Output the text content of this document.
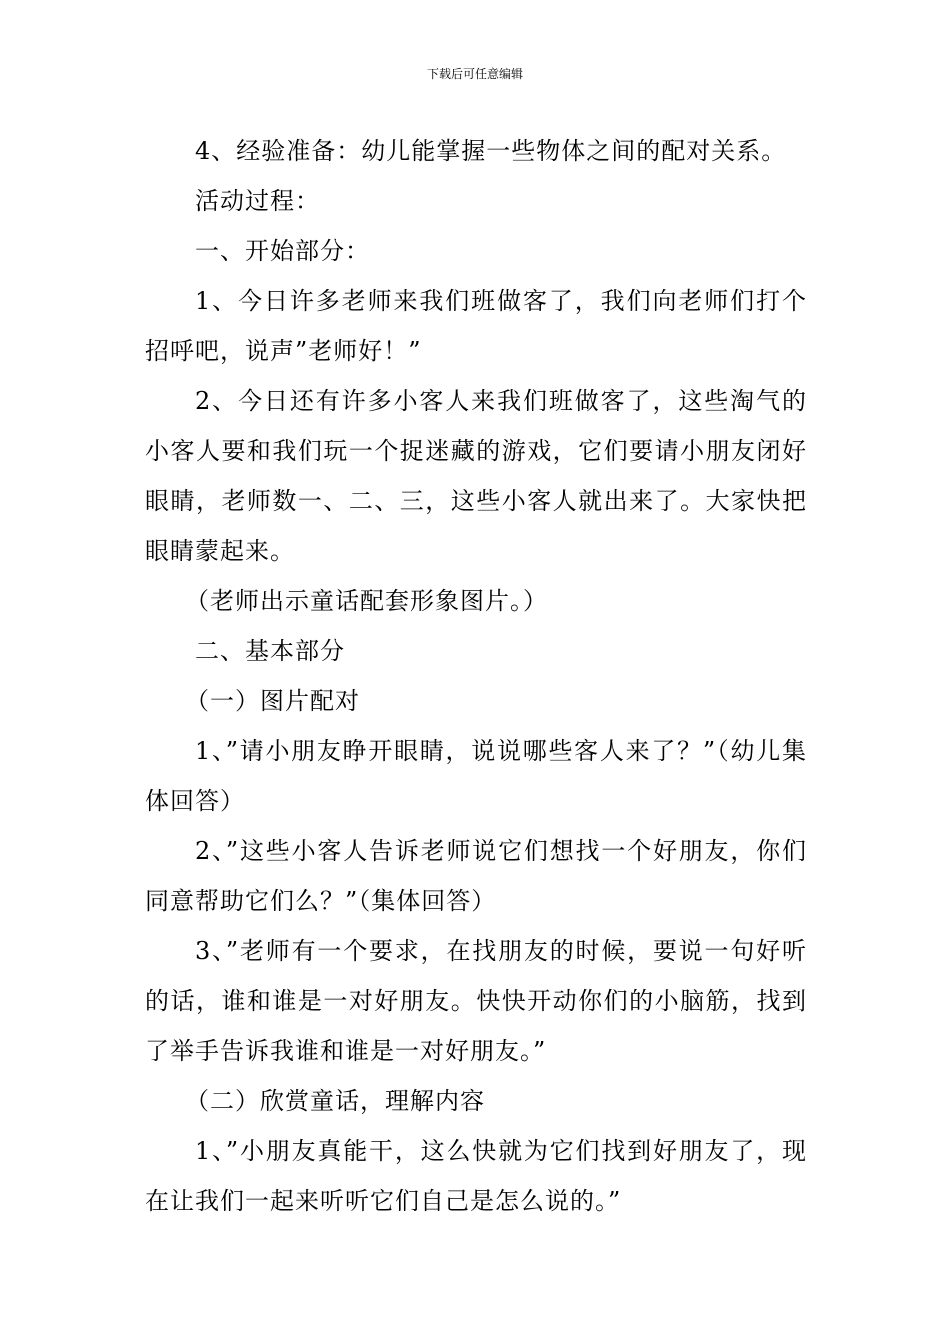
下载后可任意编辑

4、经验准备：幼儿能掌握一些物体之间的配对关系。

活动过程：

一、开始部分：

1、今日许多老师来我们班做客了，我们向老师们打个招呼吧，说声”老师好！”

2、今日还有许多小客人来我们班做客了，这些淘气的小客人要和我们玩一个捉迷藏的游戏，它们要请小朋友闭好眼睛，老师数一、二、三，这些小客人就出来了。大家快把眼睛蒙起来。

（老师出示童话配套形象图片。）

二、基本部分

（一）图片配对

1、”请小朋友睁开眼睛，说说哪些客人来了？”（幼儿集体回答）

2、”这些小客人告诉老师说它们想找一个好朋友，你们同意帮助它们么？”（集体回答）

3、”老师有一个要求，在找朋友的时候，要说一句好听的话，谁和谁是一对好朋友。快快开动你们的小脑筋，找到了举手告诉我谁和谁是一对好朋友。”

（二）欣赏童话，理解内容

1、”小朋友真能干，这么快就为它们找到好朋友了，现在让我们一起来听听它们自己是怎么说的。”
